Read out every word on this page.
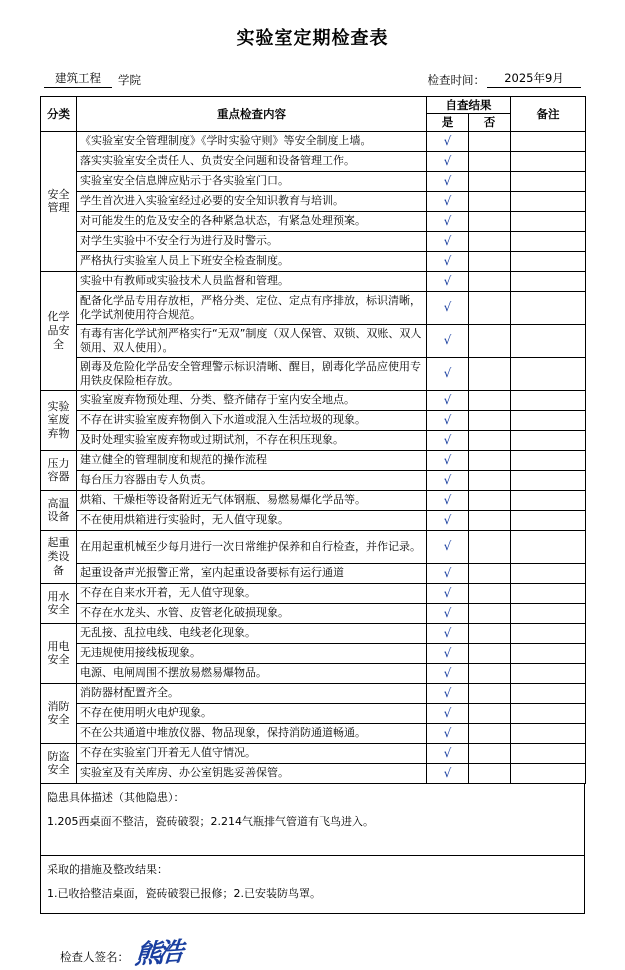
实验室定期检查表
建筑工程	学院	检查时间：	2025年9月
分类	重点检查内容	自查结果		备注
		是	否	
安全管理	《实验室安全管理制度》《学时实验守则》等安全制度上墙。	√		
	落实实验室安全责任人、负责安全问题和设备管理工作。	√		
	实验室安全信息牌应贴示于各实验室门口。	√		
	学生首次进入实验室经过必要的安全知识教育与培训。	√		
	对可能发生的危及安全的各种紧急状态，有紧急处理预案。	√		
	对学生实验中不安全行为进行及时警示。	√		
	严格执行实验室人员上下班安全检查制度。	√		
化学品安全	实验中有教师或实验技术人员监督和管理。	√		
	配备化学品专用存放柜，严格分类、定位、定点有序排放，标识清晰，化学试剂使用符合规范。	√		
	有毒有害化学试剂严格实行“无双”制度（双人保管、双锁、双账、双人领用、双人使用）。	√		
	剧毒及危险化学品安全管理警示标识清晰、醒目，剧毒化学品应使用专用铁皮保险柜存放。	√		
实验室废弃物	实验室废弃物预处理、分类、整齐储存于室内安全地点。	√		
	不存在讲实验室废弃物倒入下水道或混入生活垃圾的现象。	√		
	及时处理实验室废弃物或过期试剂，不存在积压现象。	√		
压力容器	建立健全的管理制度和规范的操作流程	√		
	每台压力容器由专人负责。	√		
高温设备	烘箱、干燥柜等设备附近无气体钢瓶、易燃易爆化学品等。	√		
	不在使用烘箱进行实验时，无人值守现象。	√		
起重类设备	在用起重机械至少每月进行一次日常维护保养和自行检查，并作记录。	√		
	起重设备声光报警正常，室内起重设备要标有运行通道	√		
用水安全	不存在自来水开着，无人值守现象。	√		
	不存在水龙头、水管、皮管老化破损现象。	√		
用电安全	无乱接、乱拉电线、电线老化现象。	√		
	无违规使用接线板现象。	√		
	电源、电闸周围不摆放易燃易爆物品。	√		
消防安全	消防器材配置齐全。	√		
	不存在使用明火电炉现象。	√		
	不在公共通道中堆放仪器、物品现象，保持消防通道畅通。	√		
防盗安全	不存在实验室门开着无人值守情况。	√		
	实验室及有关库房、办公室钥匙妥善保管。	√		
隐患具体描述（其他隐患）：
1.205西桌面不整洁，瓷砖破裂；2.214气瓶排气管道有飞鸟进入。
采取的措施及整改结果：
1.已收拾整洁桌面，瓷砖破裂已报修；2.已安装防鸟罩。
检查人签名： 熊浩
